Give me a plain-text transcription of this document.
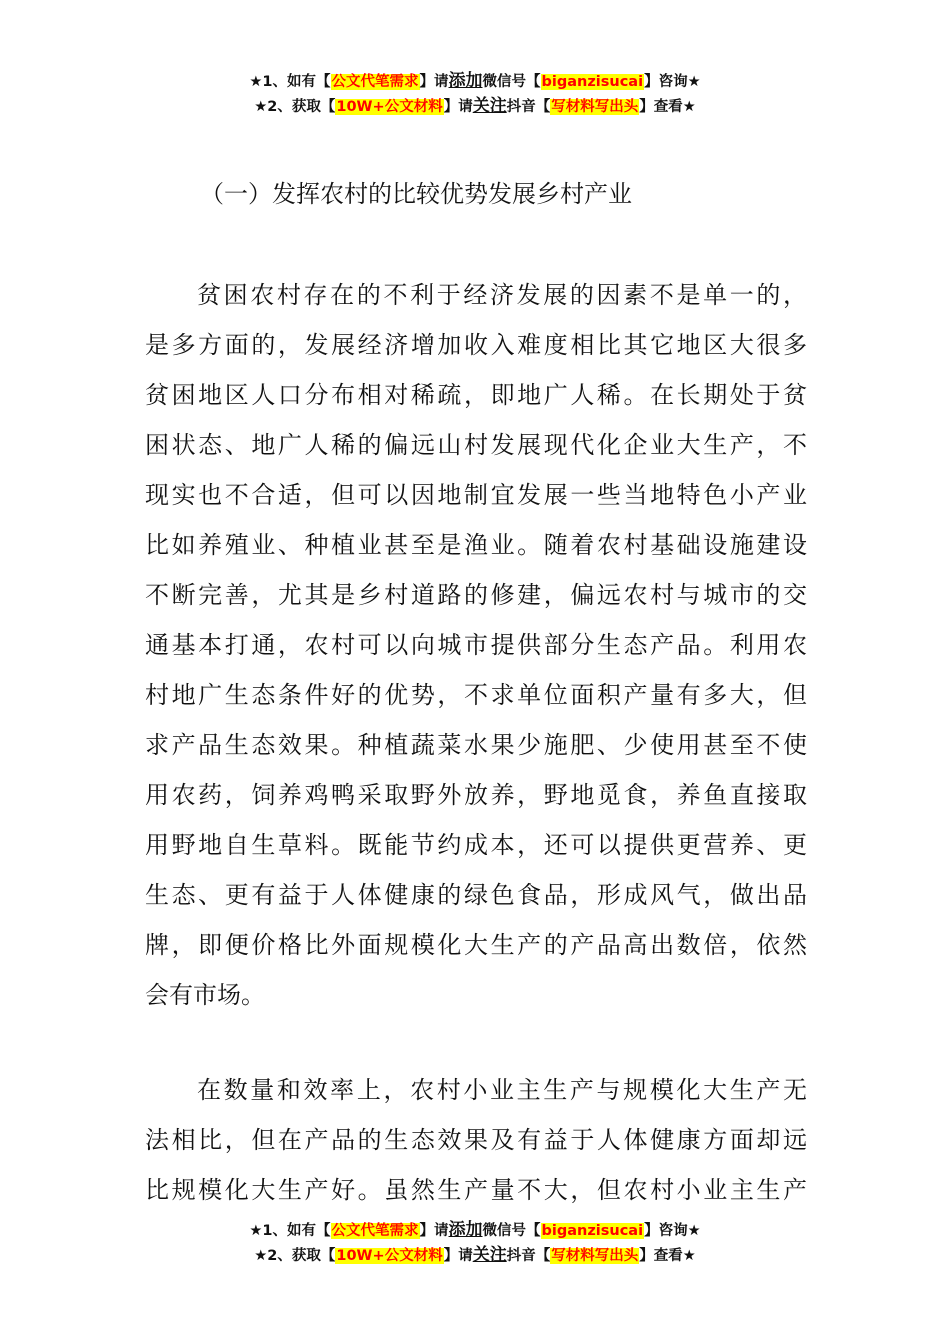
★1、如有【公文代笔需求】请添加微信号【biganzisucai】咨询★
★2、获取【10W+公文材料】请关注抖音【写材料写出头】查看★
（一）发挥农村的比较优势发展乡村产业
贫困农村存在的不利于经济发展的因素不是单一的，
是多方面的，发展经济增加收入难度相比其它地区大很多
贫困地区人口分布相对稀疏，即地广人稀。在长期处于贫
困状态、地广人稀的偏远山村发展现代化企业大生产，不
现实也不合适，但可以因地制宜发展一些当地特色小产业
比如养殖业、种植业甚至是渔业。随着农村基础设施建设
不断完善，尤其是乡村道路的修建，偏远农村与城市的交
通基本打通，农村可以向城市提供部分生态产品。利用农
村地广生态条件好的优势，不求单位面积产量有多大，但
求产品生态效果。种植蔬菜水果少施肥、少使用甚至不使
用农药，饲养鸡鸭采取野外放养，野地觅食，养鱼直接取
用野地自生草料。既能节约成本，还可以提供更营养、更
生态、更有益于人体健康的绿色食品，形成风气，做出品
牌，即便价格比外面规模化大生产的产品高出数倍，依然
会有市场。
在数量和效率上，农村小业主生产与规模化大生产无
法相比，但在产品的生态效果及有益于人体健康方面却远
比规模化大生产好。虽然生产量不大，但农村小业主生产
★1、如有【公文代笔需求】请添加微信号【biganzisucai】咨询★
★2、获取【10W+公文材料】请关注抖音【写材料写出头】查看★
